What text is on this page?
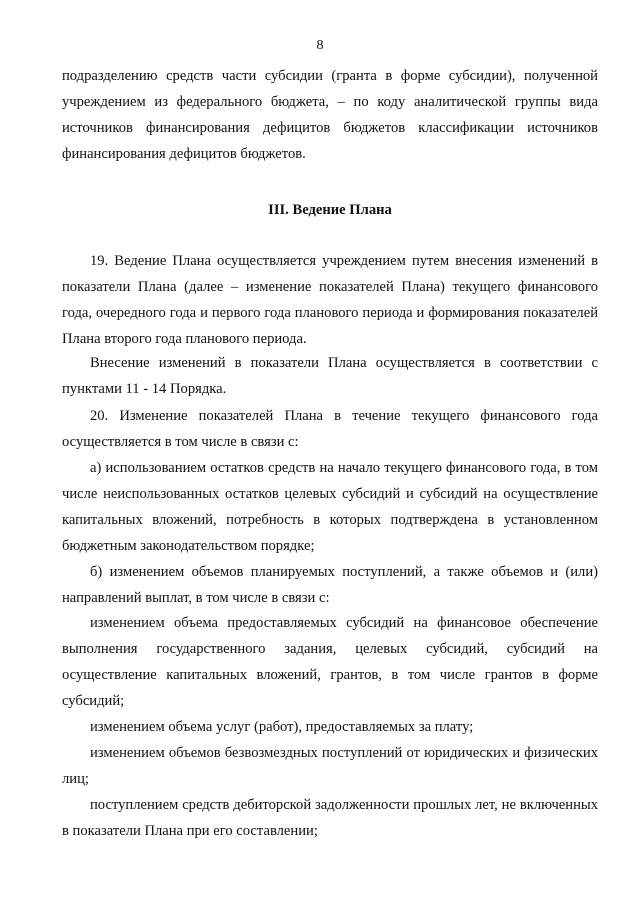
8

подразделению средств части субсидии (гранта в форме субсидии), полученной учреждением из федерального бюджета, – по коду аналитической группы вида источников финансирования дефицитов бюджетов классификации источников финансирования дефицитов бюджетов.

III. Ведение Плана

19. Ведение Плана осуществляется учреждением путем внесения изменений в показатели Плана (далее – изменение показателей Плана) текущего финансового года, очередного года и первого года планового периода и формирования показателей Плана второго года планового периода.

Внесение изменений в показатели Плана осуществляется в соответствии с пунктами 11 - 14 Порядка.

20. Изменение показателей Плана в течение текущего финансового года осуществляется в том числе в связи с:

а) использованием остатков средств на начало текущего финансового года, в том числе неиспользованных остатков целевых субсидий и субсидий на осуществление капитальных вложений, потребность в которых подтверждена в установленном бюджетным законодательством порядке;

б) изменением объемов планируемых поступлений, а также объемов и (или) направлений выплат, в том числе в связи с:

изменением объема предоставляемых субсидий на финансовое обеспечение выполнения государственного задания, целевых субсидий, субсидий на осуществление капитальных вложений, грантов, в том числе грантов в форме субсидий;

изменением объема услуг (работ), предоставляемых за плату;

изменением объемов безвозмездных поступлений от юридических и физических лиц;

поступлением средств дебиторской задолженности прошлых лет, не включенных в показатели Плана при его составлении;
